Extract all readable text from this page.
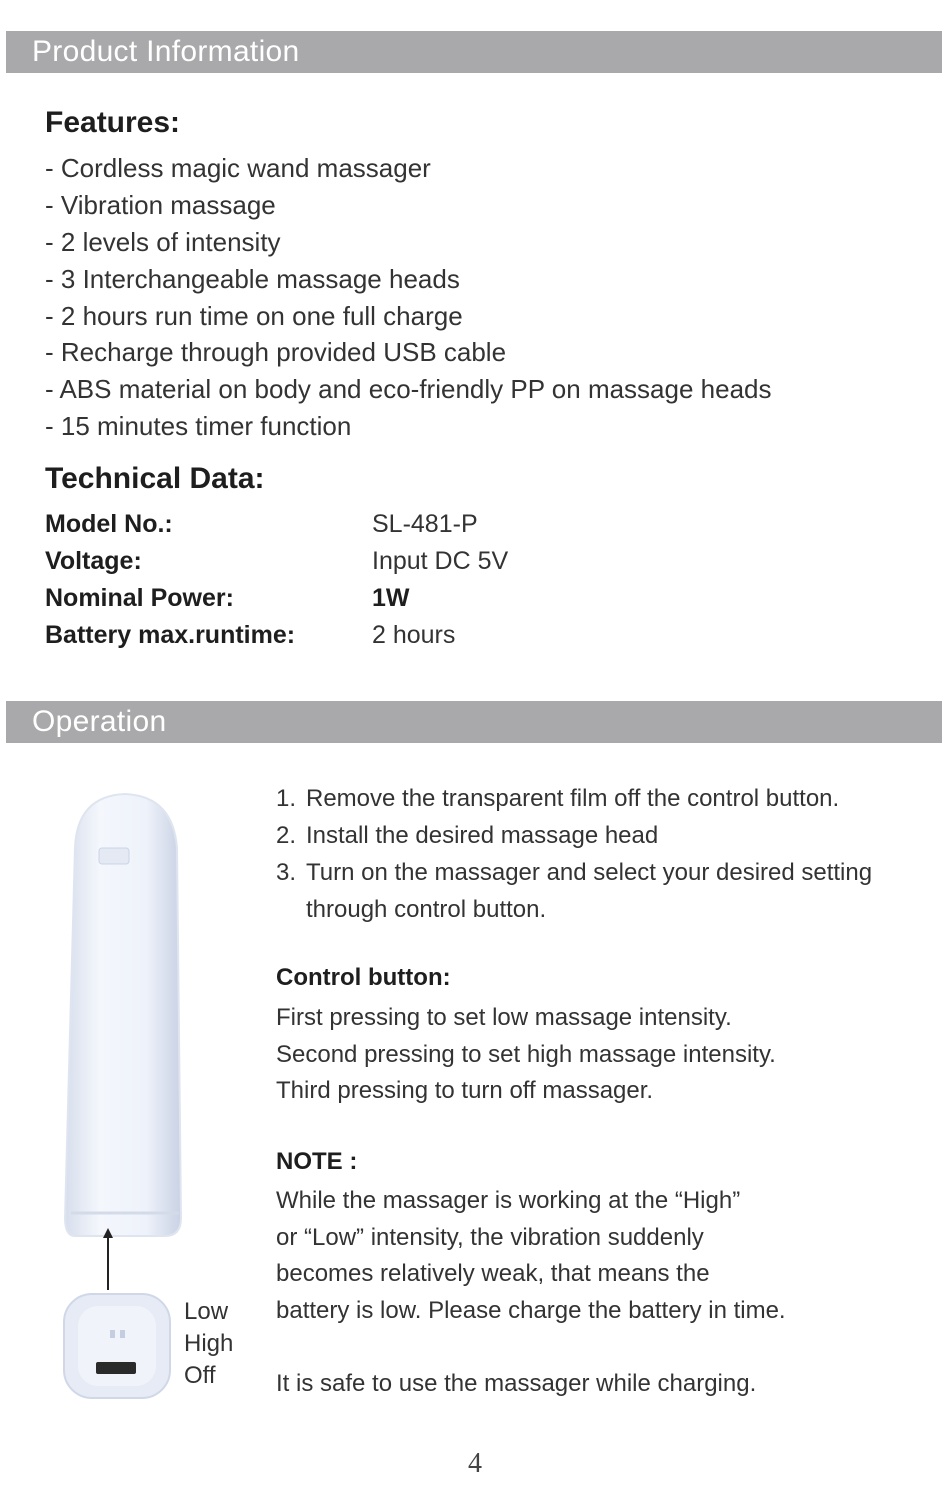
Product Information
Features:
- Cordless magic wand massager
- Vibration massage
- 2 levels of intensity
- 3 Interchangeable massage heads
- 2 hours run time on one full charge
- Recharge through provided USB cable
- ABS material on body and eco-friendly PP on massage heads
- 15 minutes timer function
Technical Data:
Model No.:	SL-481-P
Voltage:	Input DC 5V
Nominal Power:	1W
Battery max.runtime:	2 hours
Operation
Low
High
Off
1. Remove the transparent film off the control button.
2. Install the desired massage head
3. Turn on the massager and select your desired setting through control button.
Control button:

First pressing to set low massage intensity.
Second pressing to set high massage intensity.
Third pressing to turn off massager.

NOTE :

While the massager is working at the “High”
or “Low” intensity, the vibration suddenly
becomes relatively weak, that means the
battery is low. Please charge the battery in time.

It is safe to use the massager while charging.

4
